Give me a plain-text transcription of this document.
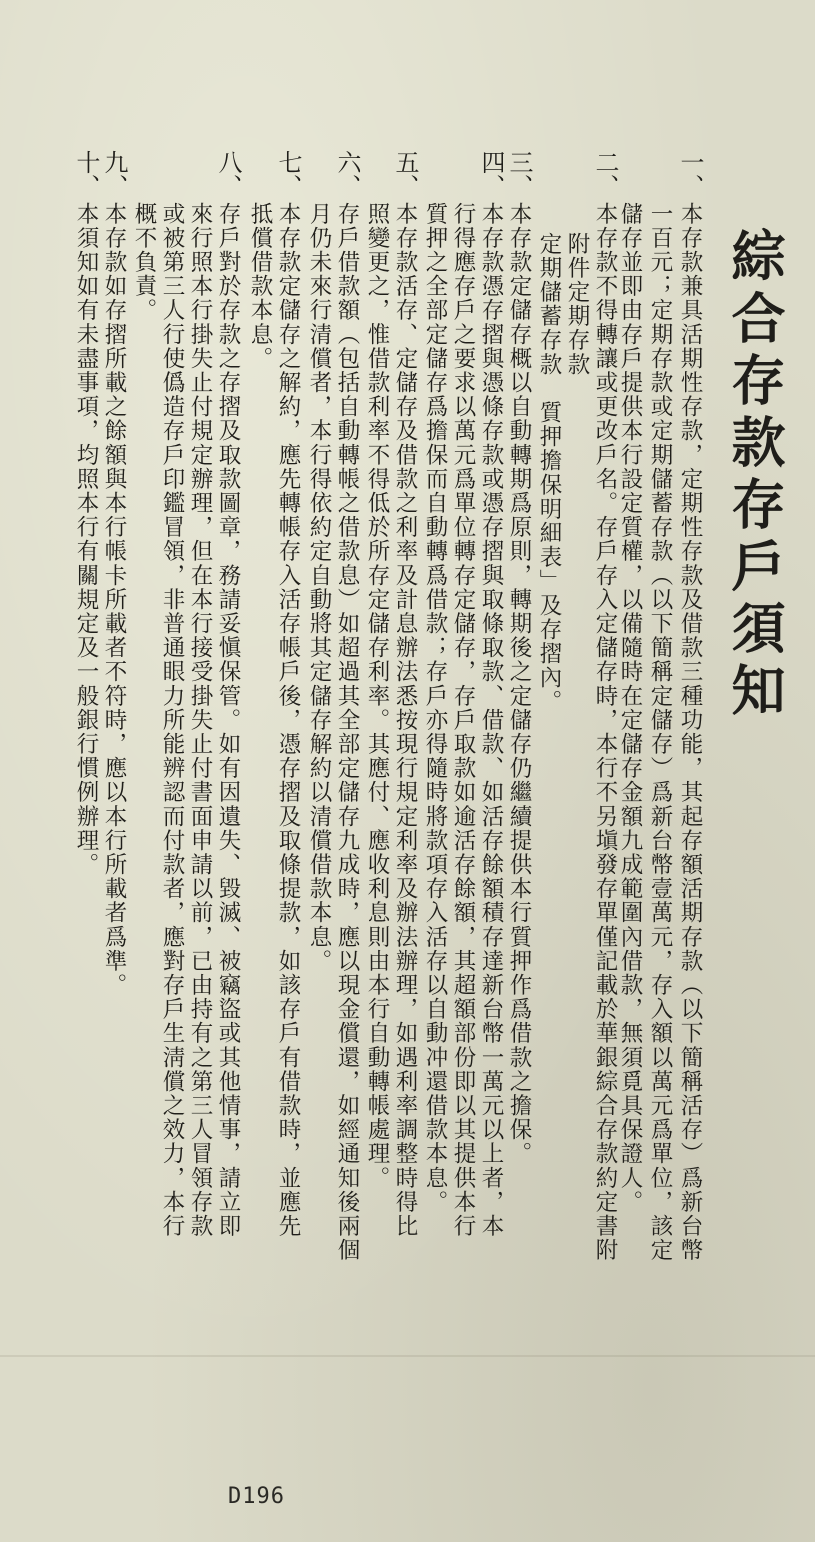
綜合存款存戶須知
一、
本存款兼具活期性存款，定期性存款及借款三種功能，其起存額活期存款（以下簡稱活存）爲新台幣
一百元；定期存款或定期儲蓄存款（以下簡稱定儲存）爲新台幣壹萬元，存入額以萬元爲單位，該定
儲存並即由存戶提供本行設定質權，以備隨時在定儲存金額九成範圍內借款，無須覓具保證人。
二、
本存款不得轉讓或更改戶名。存戶存入定儲存時，本行不另塡發存單僅記載於華銀綜合存款約定書附
附件定期存款
定期儲蓄存款　質押擔保明細表」及存摺內。
三、
本存款定儲存概以自動轉期爲原則，轉期後之定儲存仍繼續提供本行質押作爲借款之擔保。
四、
本存款憑存摺與憑條存款或憑存摺與取條取款、借款、如活存餘額積存達新台幣一萬元以上者，本
行得應存戶之要求以萬元爲單位轉存定儲存，存戶取款如逾活存餘額，其超額部份即以其提供本行
質押之全部定儲存爲擔保而自動轉爲借款；存戶亦得隨時將款項存入活存以自動冲還借款本息。
五、
本存款活存、定儲存及借款之利率及計息辦法悉按現行規定利率及辦法辦理，如遇利率調整時得比
照變更之，惟借款利率不得低於所存定儲存利率。其應付、應收利息則由本行自動轉帳處理。
六、
存戶借款額（包括自動轉帳之借款息）如超過其全部定儲存九成時，應以現金償還，如經通知後兩個
月仍未來行清償者，本行得依約定自動將其定儲存解約以清償借款本息。
七、
本存款定儲存之解約，應先轉帳存入活存帳戶後，憑存摺及取條提款，如該存戶有借款時，並應先
抵償借款本息。
八、
存戶對於存款之存摺及取款圖章，務請妥愼保管。如有因遺失、毀滅、被竊盜或其他情事，請立即
來行照本行掛失止付規定辦理，但在本行接受掛失止付書面申請以前，已由持有之第三人冒領存款
或被第三人行使僞造存戶印鑑冒領，非普通眼力所能辨認而付款者，應對存戶生淸償之效力，本行
概不負責。
九、
本存款如存摺所載之餘額與本行帳卡所載者不符時，應以本行所載者爲準。
十、
本須知如有未盡事項，均照本行有關規定及一般銀行慣例辦理。
D196
